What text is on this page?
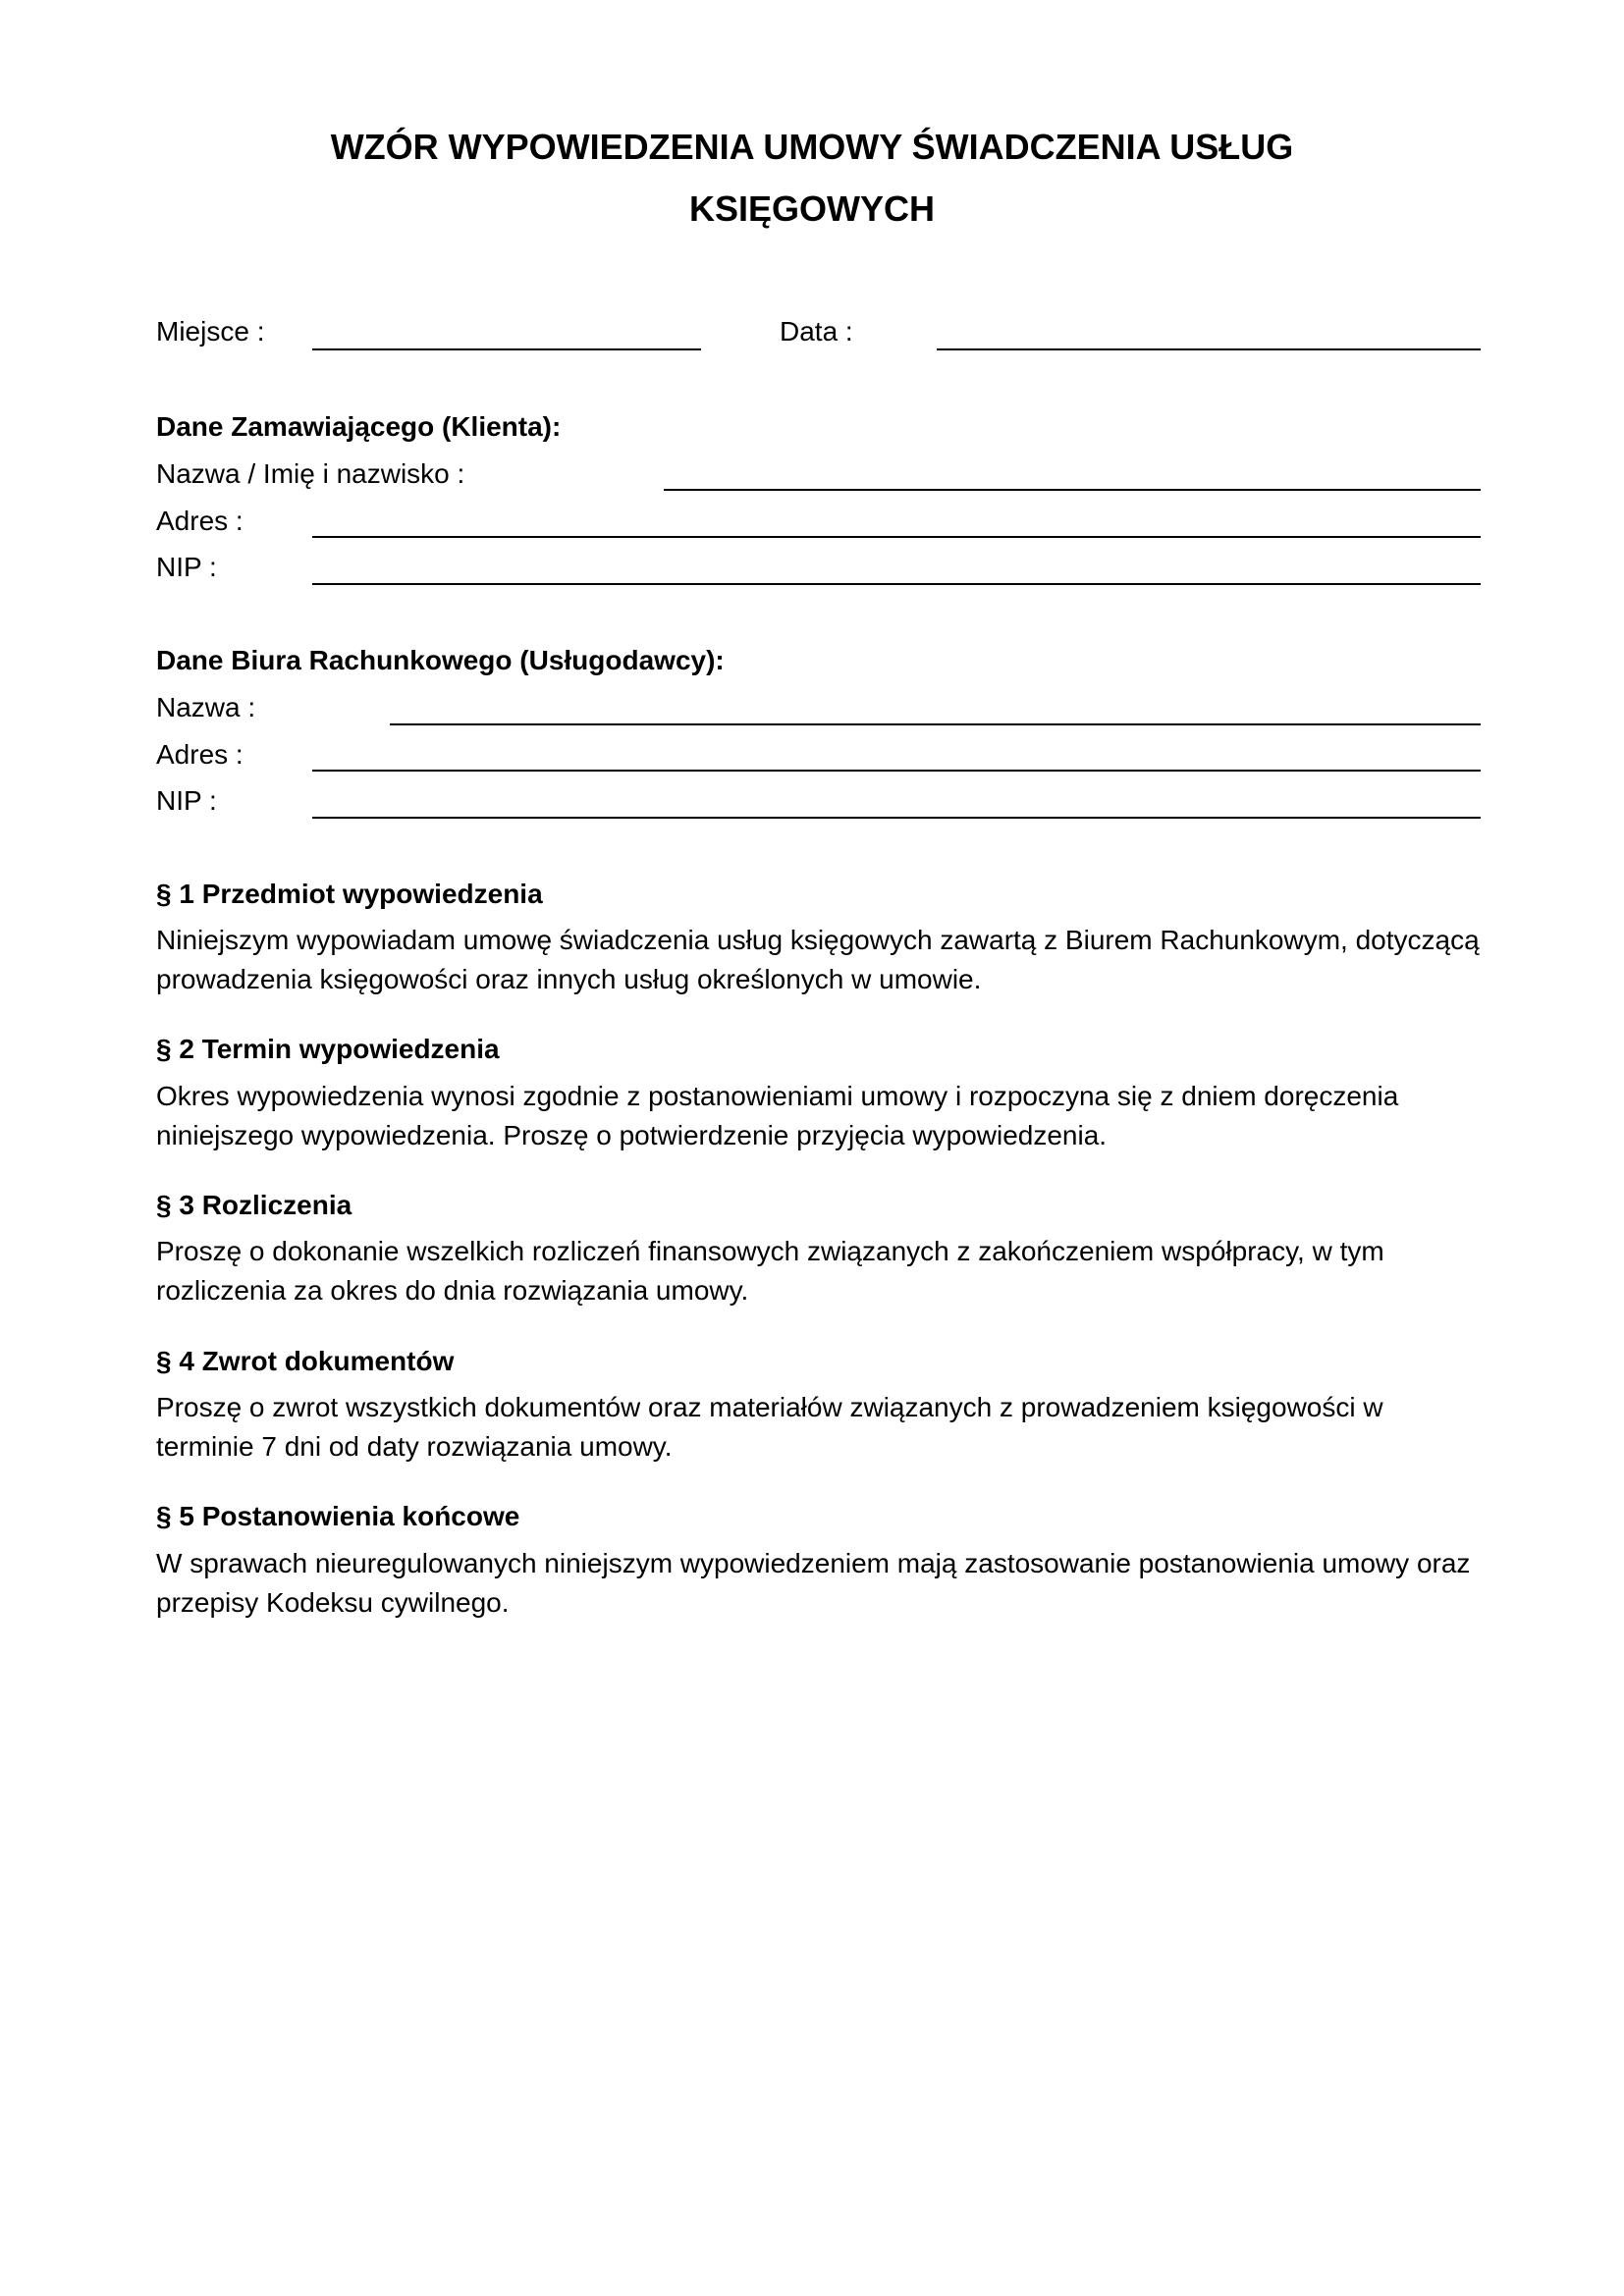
WZÓR WYPOWIEDZENIA UMOWY ŚWIADCZENIA USŁUG
KSIĘGOWYCH
Miejsce :	Data :
Dane Zamawiającego (Klienta):
Nazwa / Imię i nazwisko :
Adres :
NIP :
Dane Biura Rachunkowego (Usługodawcy):
Nazwa :
Adres :
NIP :
§ 1 Przedmiot wypowiedzenia
Niniejszym wypowiadam umowę świadczenia usług księgowych zawartą z Biurem Rachunkowym, dotyczącą
prowadzenia księgowości oraz innych usług określonych w umowie.
§ 2 Termin wypowiedzenia
Okres wypowiedzenia wynosi zgodnie z postanowieniami umowy i rozpoczyna się z dniem doręczenia
niniejszego wypowiedzenia. Proszę o potwierdzenie przyjęcia wypowiedzenia.
§ 3 Rozliczenia
Proszę o dokonanie wszelkich rozliczeń finansowych związanych z zakończeniem współpracy, w tym
rozliczenia za okres do dnia rozwiązania umowy.
§ 4 Zwrot dokumentów
Proszę o zwrot wszystkich dokumentów oraz materiałów związanych z prowadzeniem księgowości w
terminie 7 dni od daty rozwiązania umowy.
§ 5 Postanowienia końcowe
W sprawach nieuregulowanych niniejszym wypowiedzeniem mają zastosowanie postanowienia umowy oraz
przepisy Kodeksu cywilnego.
